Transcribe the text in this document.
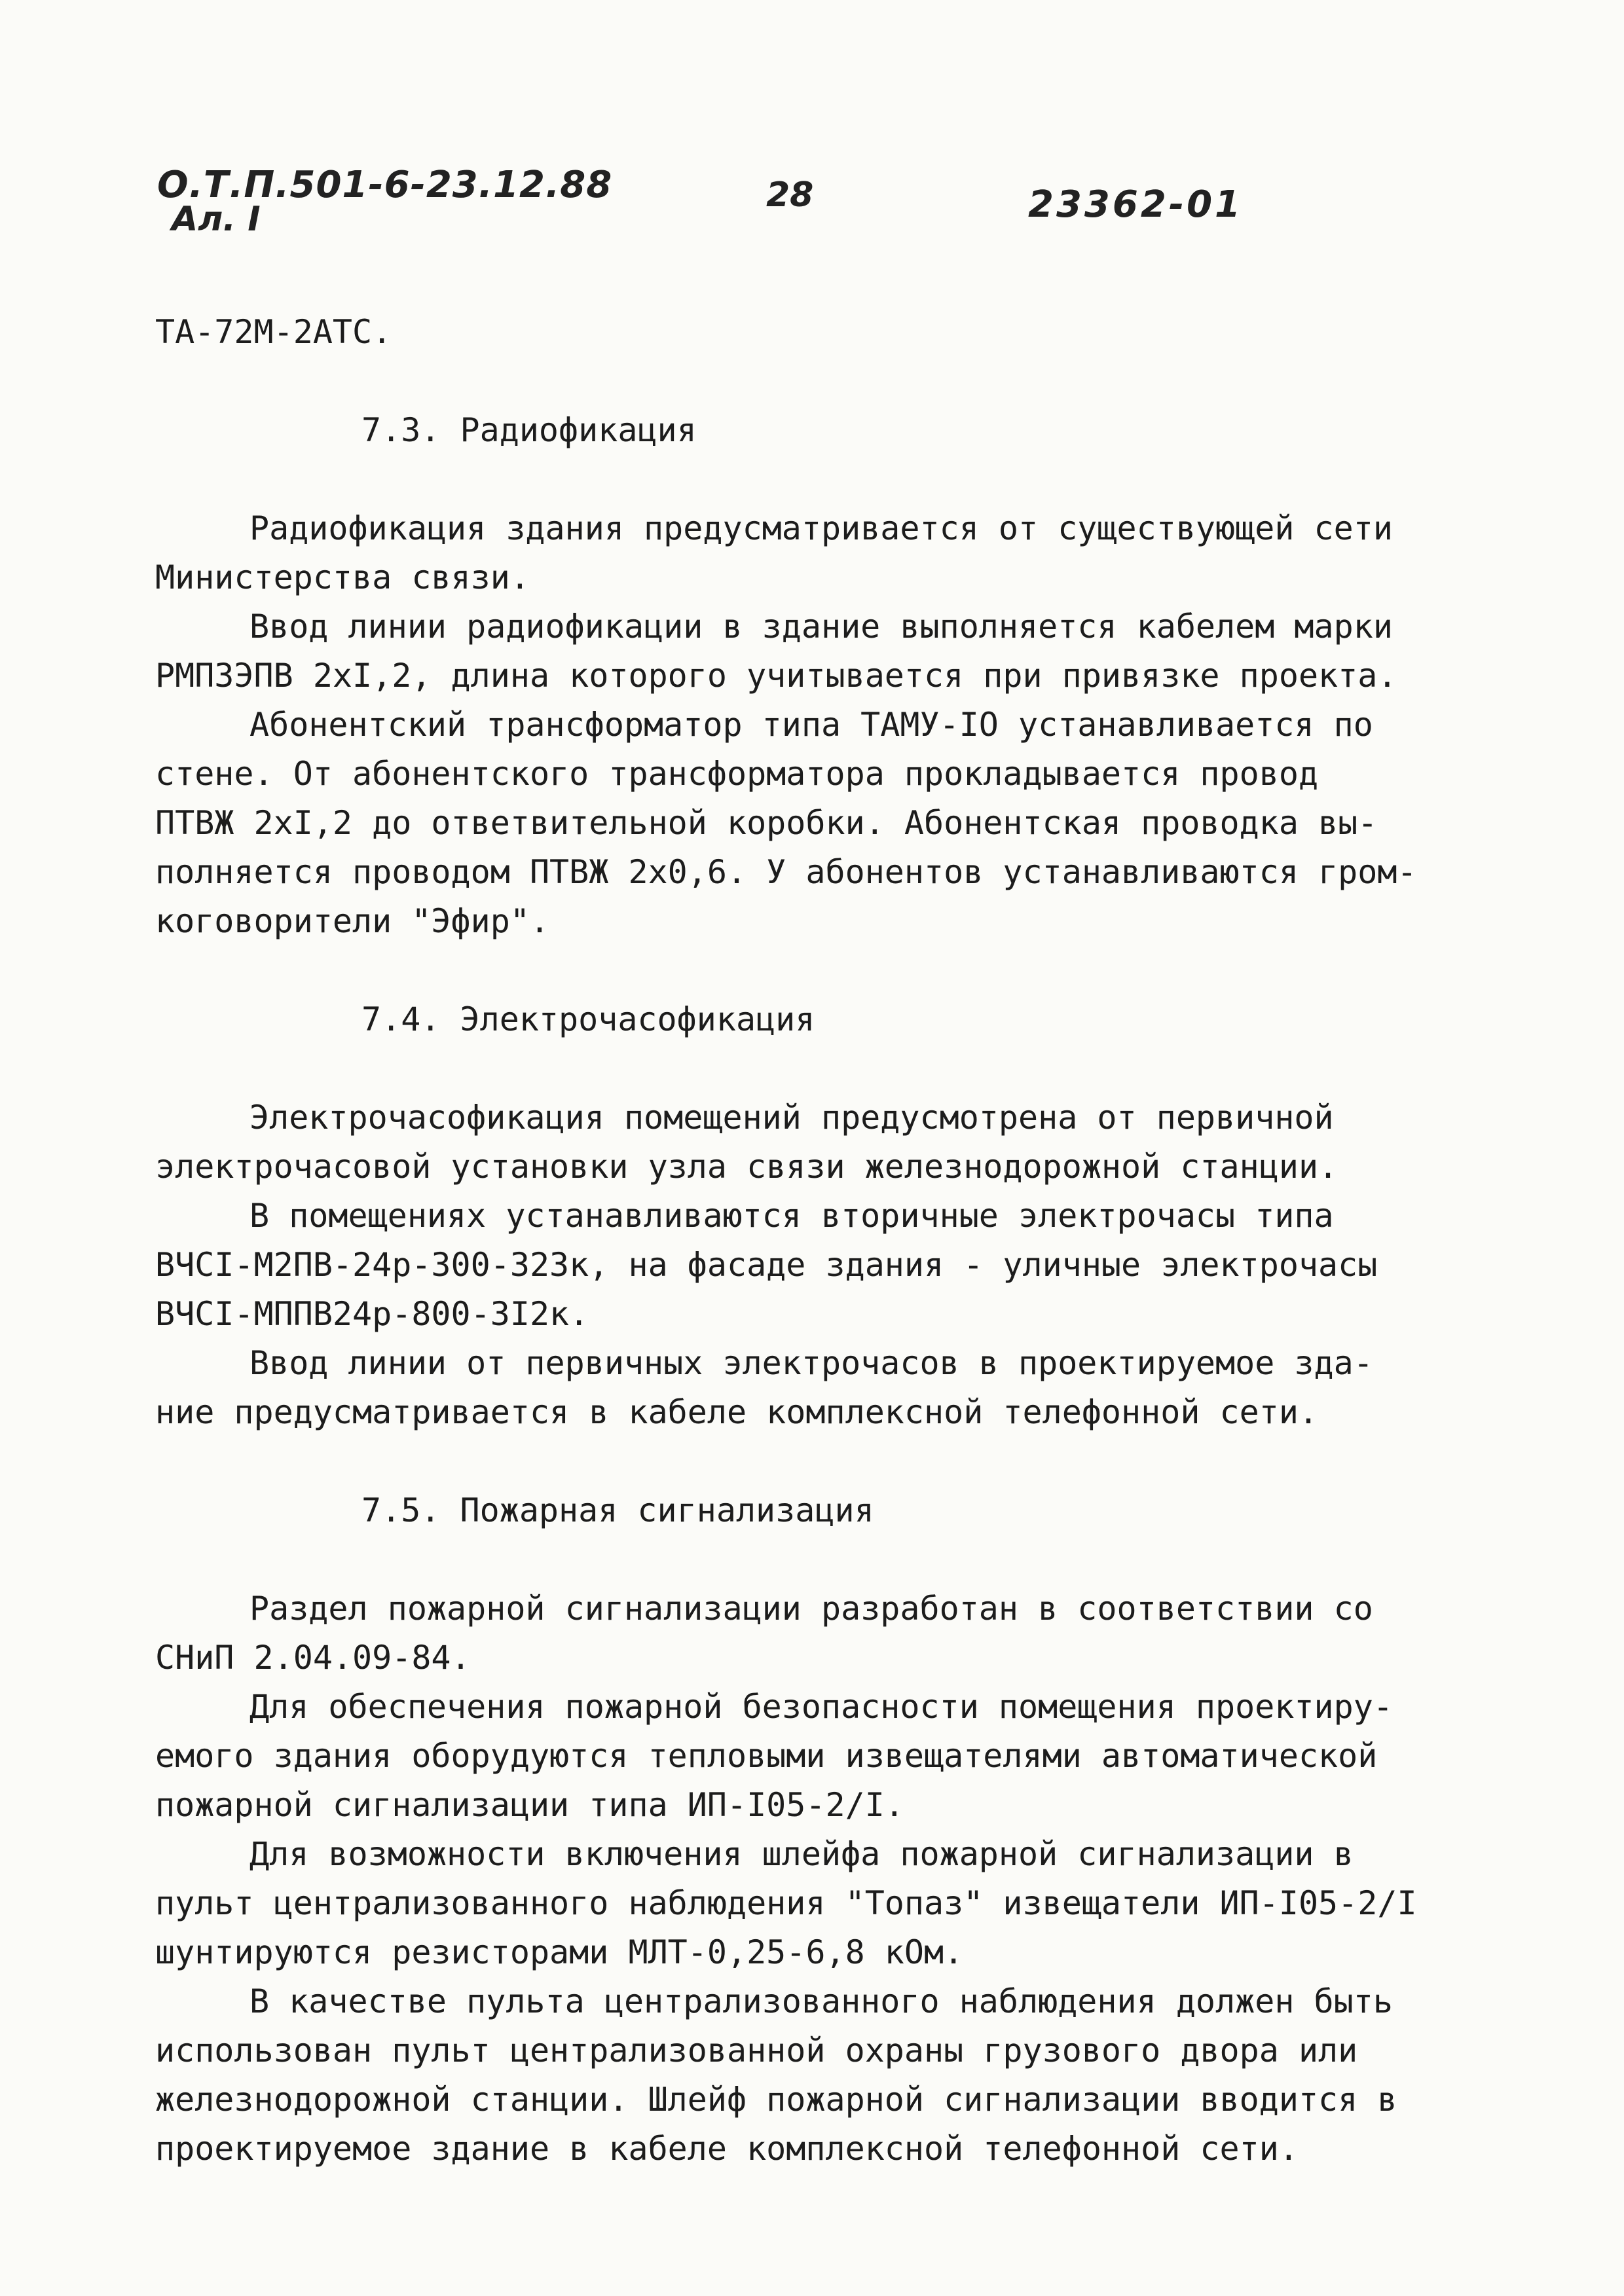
О.Т.П.501-6-23.12.88
Ал. I
28	23362-01
ТА-72М-2АТС.
7.3. Радиофикация
Радиофикация здания предусматривается от существующей сети
Министерства связи.
Ввод линии радиофикации в здание выполняется кабелем марки
РМПЗЭПВ 2хI,2, длина которого учитывается при привязке проекта.
Абонентский трансформатор типа ТАМУ-IО устанавливается по
стене. От абонентского трансформатора прокладывается провод
ПТВЖ 2хI,2 до ответвительной коробки. Абонентская проводка вы-
полняется проводом ПТВЖ 2х0,6. У абонентов устанавливаются гром-
коговорители "Эфир".
7.4. Электрочасофикация
Электрочасофикация помещений предусмотрена от первичной
электрочасовой установки узла связи железнодорожной станции.
В помещениях устанавливаются вторичные электрочасы типа
ВЧСI-М2ПВ-24р-300-323к, на фасаде здания - уличные электрочасы
ВЧСI-МППВ24р-800-3I2к.
Ввод линии от первичных электрочасов в проектируемое зда-
ние предусматривается в кабеле комплексной телефонной сети.
7.5. Пожарная сигнализация
Раздел пожарной сигнализации разработан в соответствии со
СНиП 2.04.09-84.
Для обеспечения пожарной безопасности помещения проектиру-
емого здания оборудуются тепловыми извещателями автоматической
пожарной сигнализации типа ИП-I05-2/I.
Для возможности включения шлейфа пожарной сигнализации в
пульт централизованного наблюдения "Топаз" извещатели ИП-I05-2/I
шунтируются резисторами МЛТ-0,25-6,8 кОм.
В качестве пульта централизованного наблюдения должен быть
использован пульт централизованной охраны грузового двора или
железнодорожной станции. Шлейф пожарной сигнализации вводится в
проектируемое здание в кабеле комплексной телефонной сети.
